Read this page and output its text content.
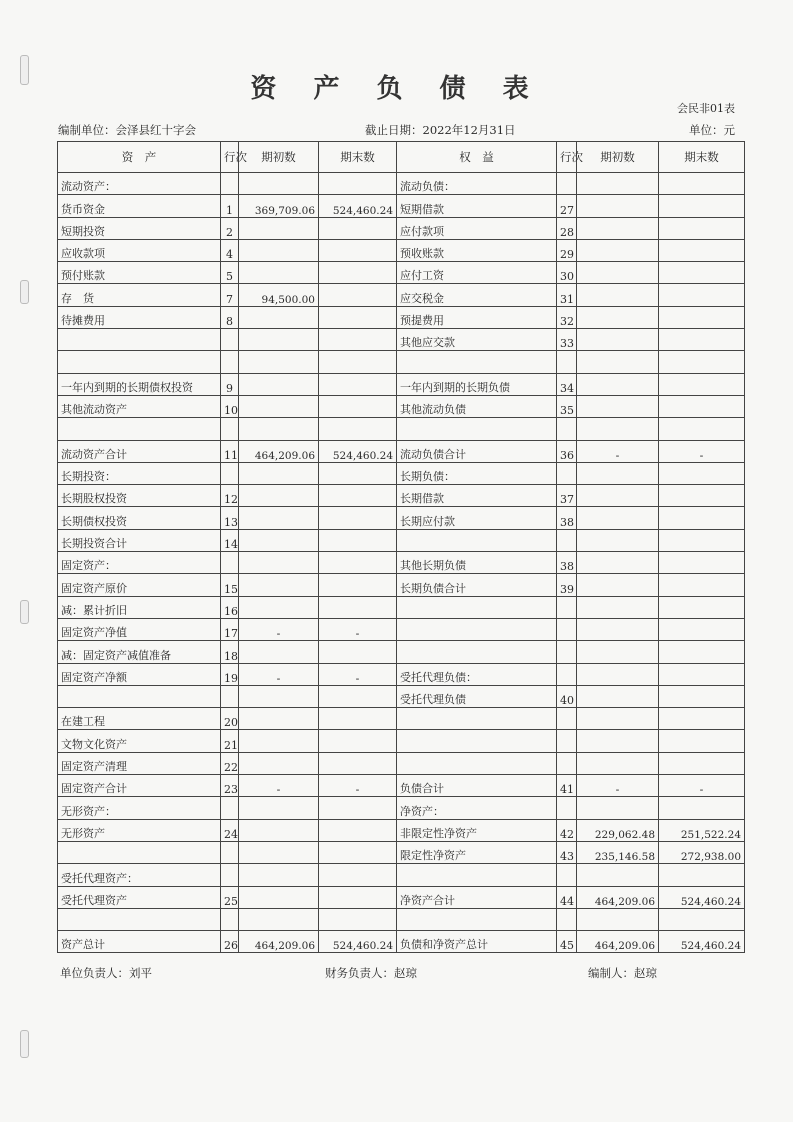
资 产 负 债 表
会民非01表
编制单位：会泽县红十字会	截止日期：2022年12月31日	单位：元
资　产	行次	期初数	期末数	权　益	行次	期初数	期末数
流动资产：				流动负债：			
货币资金	1	369,709.06	524,460.24	短期借款	27		
短期投资	2			应付款项	28		
应收款项	4			预收账款	29		
预付账款	5			应付工资	30		
存　货	7	94,500.00		应交税金	31		
待摊费用	8			预提费用	32		
				其他应交款	33		

一年内到期的长期债权投资	9			一年内到期的长期负债	34		
其他流动资产	10			其他流动负债	35		

流动资产合计	11	464,209.06	524,460.24	流动负债合计	36	-	-
长期投资：				长期负债：			
长期股权投资	12			长期借款	37		
长期债权投资	13			长期应付款	38		
长期投资合计	14						
固定资产：				其他长期负债	38		
固定资产原价	15			长期负债合计	39		
减：累计折旧	16						
固定资产净值	17	-	-				
减：固定资产减值准备	18						
固定资产净额	19	-	-	受托代理负债：			
				受托代理负债	40		
在建工程	20						
文物文化资产	21						
固定资产清理	22						
固定资产合计	23	-	-	负债合计	41	-	-
无形资产：				净资产：			
无形资产	24			非限定性净资产	42	229,062.48	251,522.24
				限定性净资产	43	235,146.58	272,938.00
受托代理资产：							
受托代理资产	25			净资产合计	44	464,209.06	524,460.24

资产总计	26	464,209.06	524,460.24	负债和净资产总计	45	464,209.06	524,460.24
单位负责人：刘平	财务负责人：赵琼	编制人：赵琼
